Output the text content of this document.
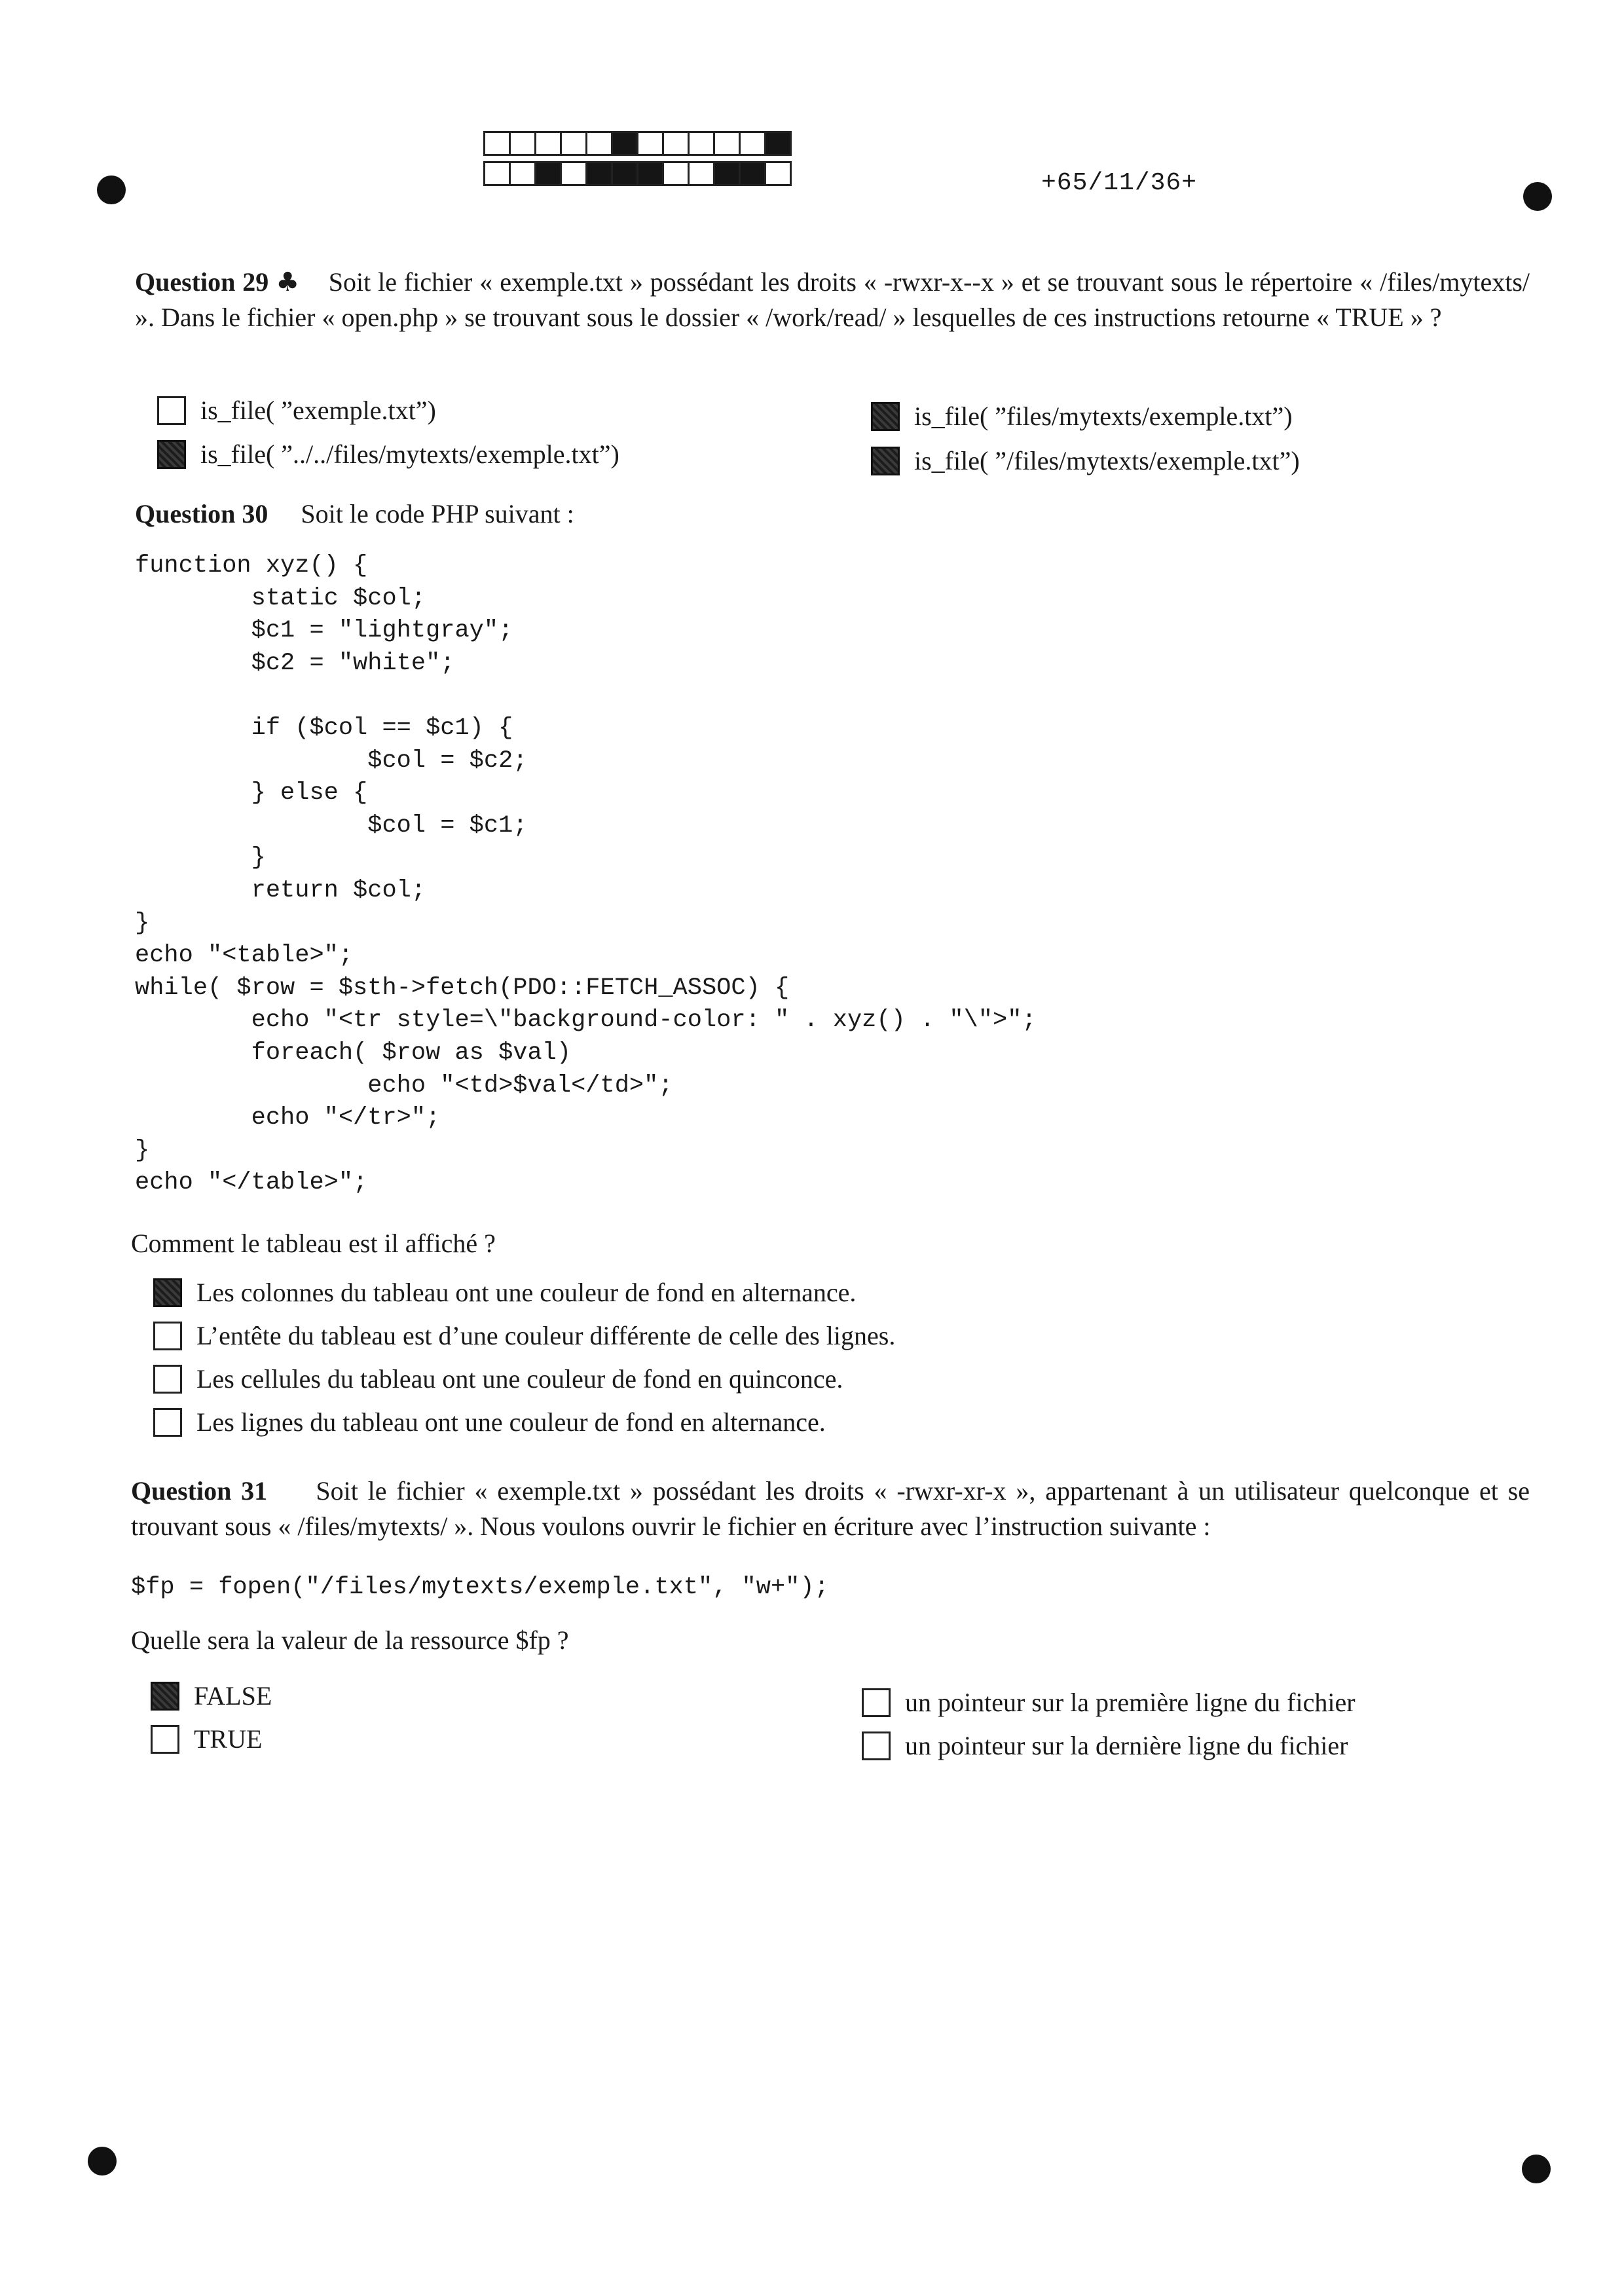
+65/11/36+
Question 29 ♣ Soit le fichier « exemple.txt » possédant les droits « -rwxr-x--x » et se trouvant sous le répertoire « /files/mytexts/ ». Dans le fichier « open.php » se trouvant sous le dossier « /work/read/ » lesquelles de ces instructions retourne « TRUE » ?
is_file( ”exemple.txt”)
is_file( ”../../files/mytexts/exemple.txt”)
is_file( ”files/mytexts/exemple.txt”)
is_file( ”/files/mytexts/exemple.txt”)
Question 30 Soit le code PHP suivant :
function xyz() {
static $col;
$c1 = "lightgray";
$c2 = "white";

if ($col == $c1) {
$col = $c2;
} else {
$col = $c1;
}
return $col;
}
echo "<table>";
while( $row = $sth->fetch(PDO::FETCH_ASSOC) {
echo "<tr style=\"background-color: " . xyz() . "\">";
foreach( $row as $val)
echo "<td>$val</td>";
echo "</tr>";
}
echo "</table>";
Comment le tableau est il affiché ?
Les colonnes du tableau ont une couleur de fond en alternance.
L’entête du tableau est d’une couleur différente de celle des lignes.
Les cellules du tableau ont une couleur de fond en quinconce.
Les lignes du tableau ont une couleur de fond en alternance.
Question 31 Soit le fichier « exemple.txt » possédant les droits « -rwxr-xr-x », appartenant à un utilisateur quelconque et se trouvant sous « /files/mytexts/ ». Nous voulons ouvrir le fichier en écriture avec l’instruction suivante :
$fp = fopen("/files/mytexts/exemple.txt", "w+");
Quelle sera la valeur de la ressource $fp ?
FALSE
TRUE
un pointeur sur la première ligne du fichier
un pointeur sur la dernière ligne du fichier
